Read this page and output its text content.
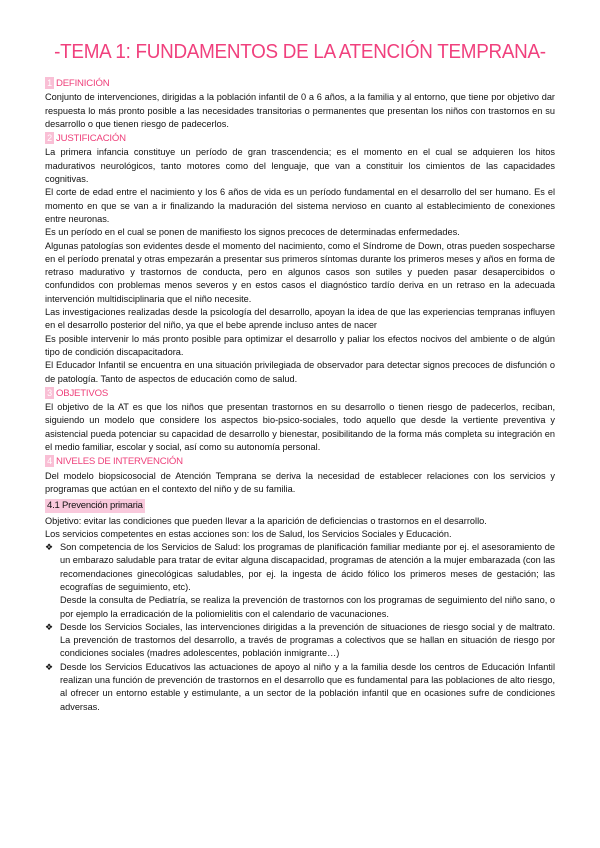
-TEMA 1: FUNDAMENTOS DE LA ATENCIÓN TEMPRANA-
1 DEFINICIÓN

Conjunto de intervenciones, dirigidas a la población infantil de 0 a 6 años, a la familia y al entorno, que tiene por objetivo dar respuesta lo más pronto posible a las necesidades transitorias o permanentes que presentan los niños con trastornos en su desarrollo o que tienen riesgo de padecerlos.

2 JUSTIFICACIÓN

La primera infancia constituye un período de gran trascendencia; es el momento en el cual se adquieren los hitos madurativos neurológicos, tanto motores como del lenguaje, que van a constituir los cimientos de las capacidades cognitivas.

El corte de edad entre el nacimiento y los 6 años de vida es un período fundamental en el desarrollo del ser humano. Es el momento en que se van a ir finalizando la maduración del sistema nervioso en cuanto al establecimiento de conexiones entre neuronas.

Es un período en el cual se ponen de manifiesto los signos precoces de determinadas enfermedades.

Algunas patologías son evidentes desde el momento del nacimiento, como el Síndrome de Down, otras pueden sospecharse en el período prenatal y otras empezarán a presentar sus primeros síntomas durante los primeros meses y años en forma de retraso madurativo y trastornos de conducta, pero en algunos casos son sutiles y pueden pasar desapercibidos o confundidos con problemas menos severos y en estos casos el diagnóstico tardío deriva en un retraso en la adecuada intervención multidisciplinaria que el niño necesite.

Las investigaciones realizadas desde la psicología del desarrollo, apoyan la idea de que las experiencias tempranas influyen en el desarrollo posterior del niño, ya que el bebe aprende incluso antes de nacer

Es posible intervenir lo más pronto posible para optimizar el desarrollo y paliar los efectos nocivos del ambiente o de algún tipo de condición discapacitadora.

El Educador Infantil se encuentra en una situación privilegiada de observador para detectar signos precoces de disfunción o de patología. Tanto de aspectos de educación como de salud.

3 OBJETIVOS

El objetivo de la AT es que los niños que presentan trastornos en su desarrollo o tienen riesgo de padecerlos, reciban, siguiendo un modelo que considere los aspectos bio-psico-sociales, todo aquello que desde la vertiente preventiva y asistencial pueda potenciar su capacidad de desarrollo y bienestar, posibilitando de la forma más completa su integración en el medio familiar, escolar y social, así como su autonomía personal.

4 NIVELES DE INTERVENCIÓN

Del modelo biopsicosocial de Atención Temprana se deriva la necesidad de establecer relaciones con los servicios y programas que actúan en el contexto del niño y de su familia.

4.1 Prevención primaria

Objetivo: evitar las condiciones que pueden llevar a la aparición de deficiencias o trastornos en el desarrollo.

Los servicios competentes en estas acciones son: los de Salud, los Servicios Sociales y Educación.

❖ Son competencia de los Servicios de Salud: los programas de planificación familiar mediante por ej. el asesoramiento de un embarazo saludable para tratar de evitar alguna discapacidad, programas de atención a la mujer embarazada (con las recomendaciones ginecológicas saludables, por ej. la ingesta de ácido fólico los primeros meses de gestación; las ecografías de seguimiento, etc).
Desde la consulta de Pediatría, se realiza la prevención de trastornos con los programas de seguimiento del niño sano, o por ejemplo la erradicación de la poliomielitis con el calendario de vacunaciones.
❖ Desde los Servicios Sociales, las intervenciones dirigidas a la prevención de situaciones de riesgo social y de maltrato. La prevención de trastornos del desarrollo, a través de programas a colectivos que se hallan en situación de riesgo por condiciones sociales (madres adolescentes, población inmigrante…)
❖ Desde los Servicios Educativos las actuaciones de apoyo al niño y a la familia desde los centros de Educación Infantil realizan una función de prevención de trastornos en el desarrollo que es fundamental para las poblaciones de alto riesgo, al ofrecer un entorno estable y estimulante, a un sector de la población infantil que en ocasiones sufre de condiciones adversas.
